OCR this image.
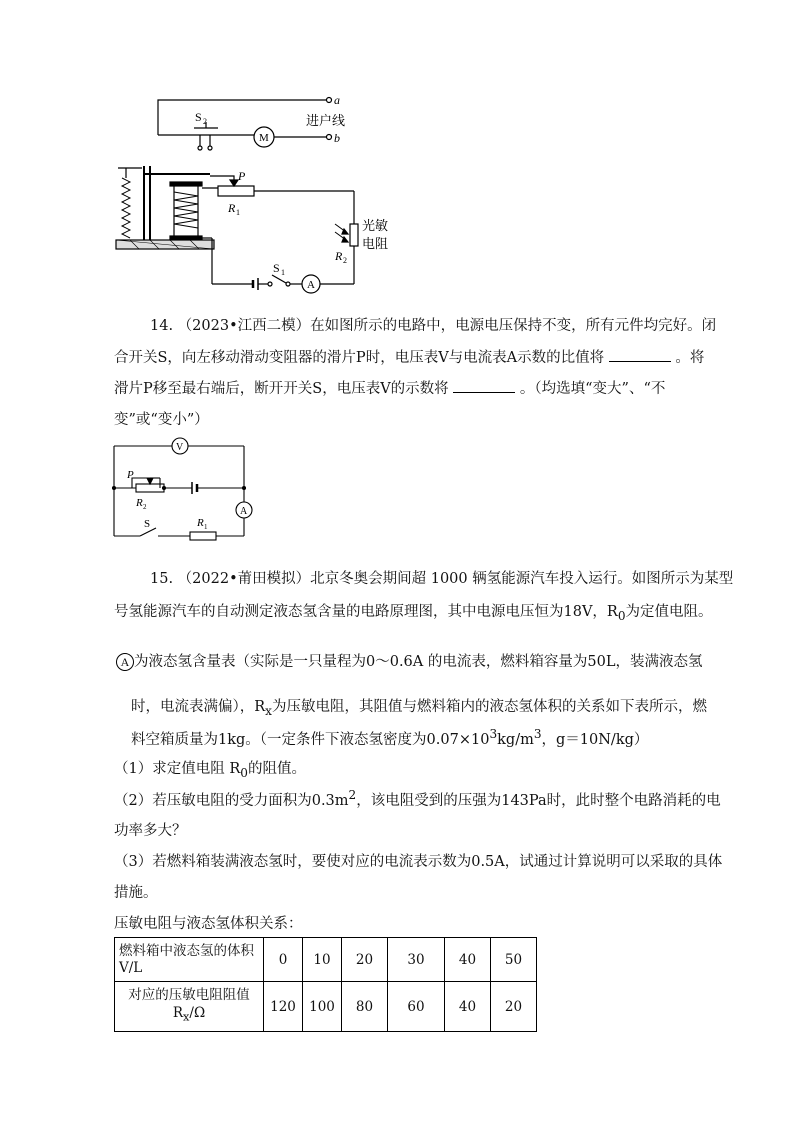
a
b
S 2
M
进户线
P
R 1
光敏
电阻
R 2
S 1
A
14. （2023•江西二模）在如图所示的电路中，电源电压保持不变，所有元件均完好。闭
合开关S，向左移动滑动变阻器的滑片P时，电压表V与电流表A示数的比值将	。将
滑片P移至最右端后，断开开关S，电压表V的示数将	。（均选填“变大”、“不
变”或“变小”）
V
P
R 2	A
S	R 1
15. （2022•莆田模拟）北京冬奥会期间超 1000 辆氢能源汽车投入运行。如图所示为某型
号氢能源汽车的自动测定液态氢含量的电路原理图，其中电源电压恒为18V，$R_0$为定值电阻。
A 为液态氢含量表（实际是一只量程为0～0.6A 的电流表，燃料箱容量为50L，装满液态氢
时，电流表满偏），$R_x$为压敏电阻，其阻值与燃料箱内的液态氢体积的关系如下表所示，燃
料空箱质量为1kg。（一定条件下液态氢密度为$0.07\times 10^3kg/m^3$，g＝10N/kg）
（1）求定值电阻 $R_0$的阻值。
（2）若压敏电阻的受力面积为$0.3m^2$，该电阻受到的压强为143Pa时，此时整个电路消耗的电
功率多大？
（3）若燃料箱装满液态氢时，要使对应的电流表示数为0.5A，试通过计算说明可以采取的具体
措施。
压敏电阻与液态氢体积关系：
燃料箱中液态氢的体积
V/L	0	10	20	30	40	50
对应的压敏电阻阻值
$R_x/\Omega$	120	100	80	60	40	20
